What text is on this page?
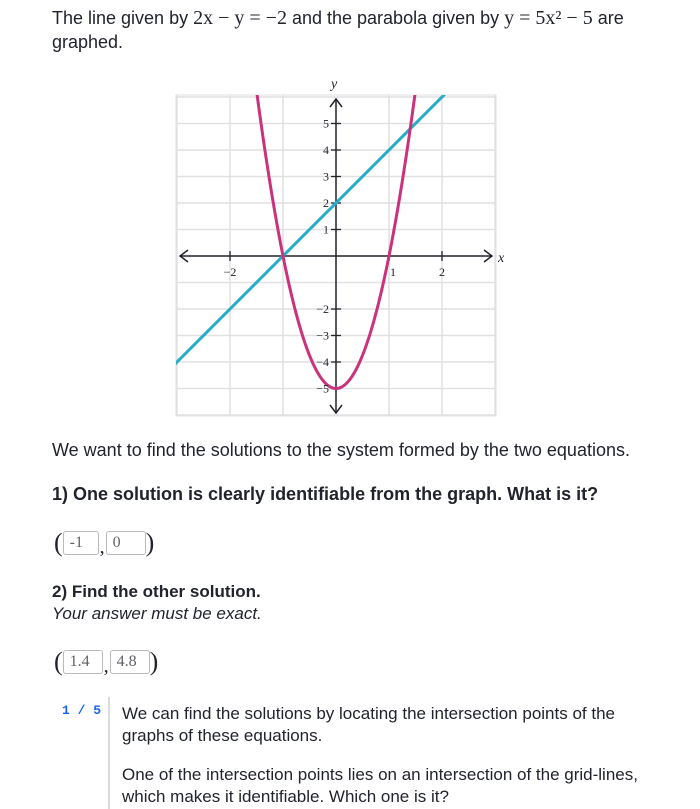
The line given by 2x − y = −2 and the parabola given by y = 5x² − 5 are graphed.
x
y
−2	1	2
5
4
3
2
1
−2
−3
−4
−5
We want to find the solutions to the system formed by the two equations.
1) One solution is clearly identifiable from the graph. What is it?
( -1 , 0 )
2) Find the other solution.
Your answer must be exact.
( 1.4 , 4.8 )
1 / 5 We can find the solutions by locating the intersection points of the graphs of these equations.
One of the intersection points lies on an intersection of the grid-lines, which makes it identifiable. Which one is it?
